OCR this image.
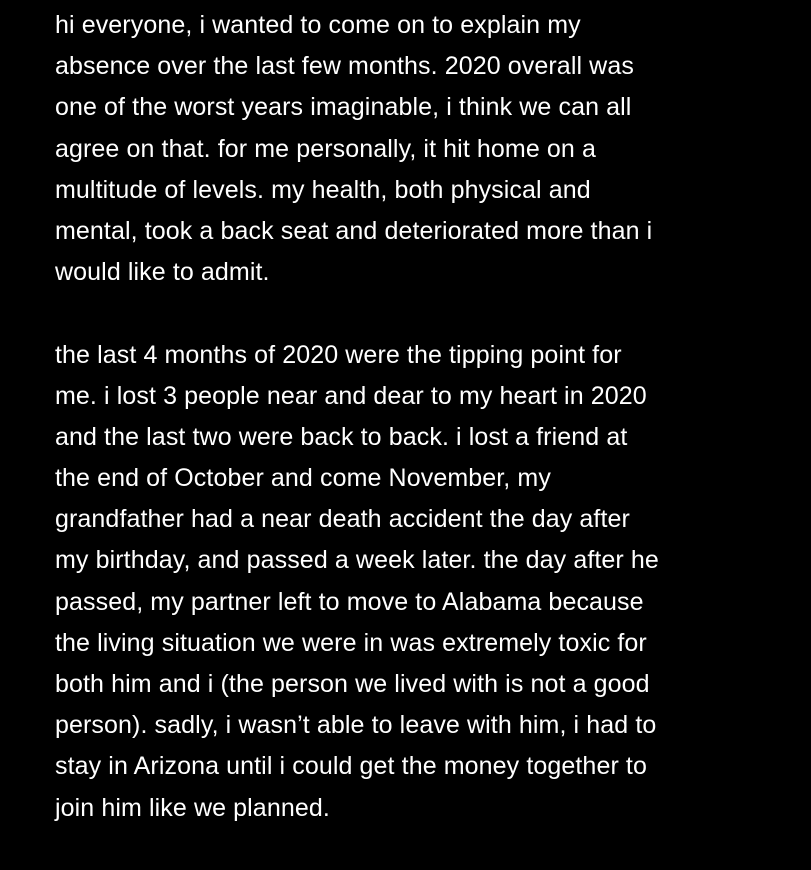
hi everyone, i wanted to come on to explain my
absence over the last few months. 2020 overall was
one of the worst years imaginable, i think we can all
agree on that. for me personally, it hit home on a
multitude of levels. my health, both physical and
mental, took a back seat and deteriorated more than i
would like to admit.
the last 4 months of 2020 were the tipping point for
me. i lost 3 people near and dear to my heart in 2020
and the last two were back to back. i lost a friend at
the end of October and come November, my
grandfather had a near death accident the day after
my birthday, and passed a week later. the day after he
passed, my partner left to move to Alabama because
the living situation we were in was extremely toxic for
both him and i (the person we lived with is not a good
person). sadly, i wasn’t able to leave with him, i had to
stay in Arizona until i could get the money together to
join him like we planned.
